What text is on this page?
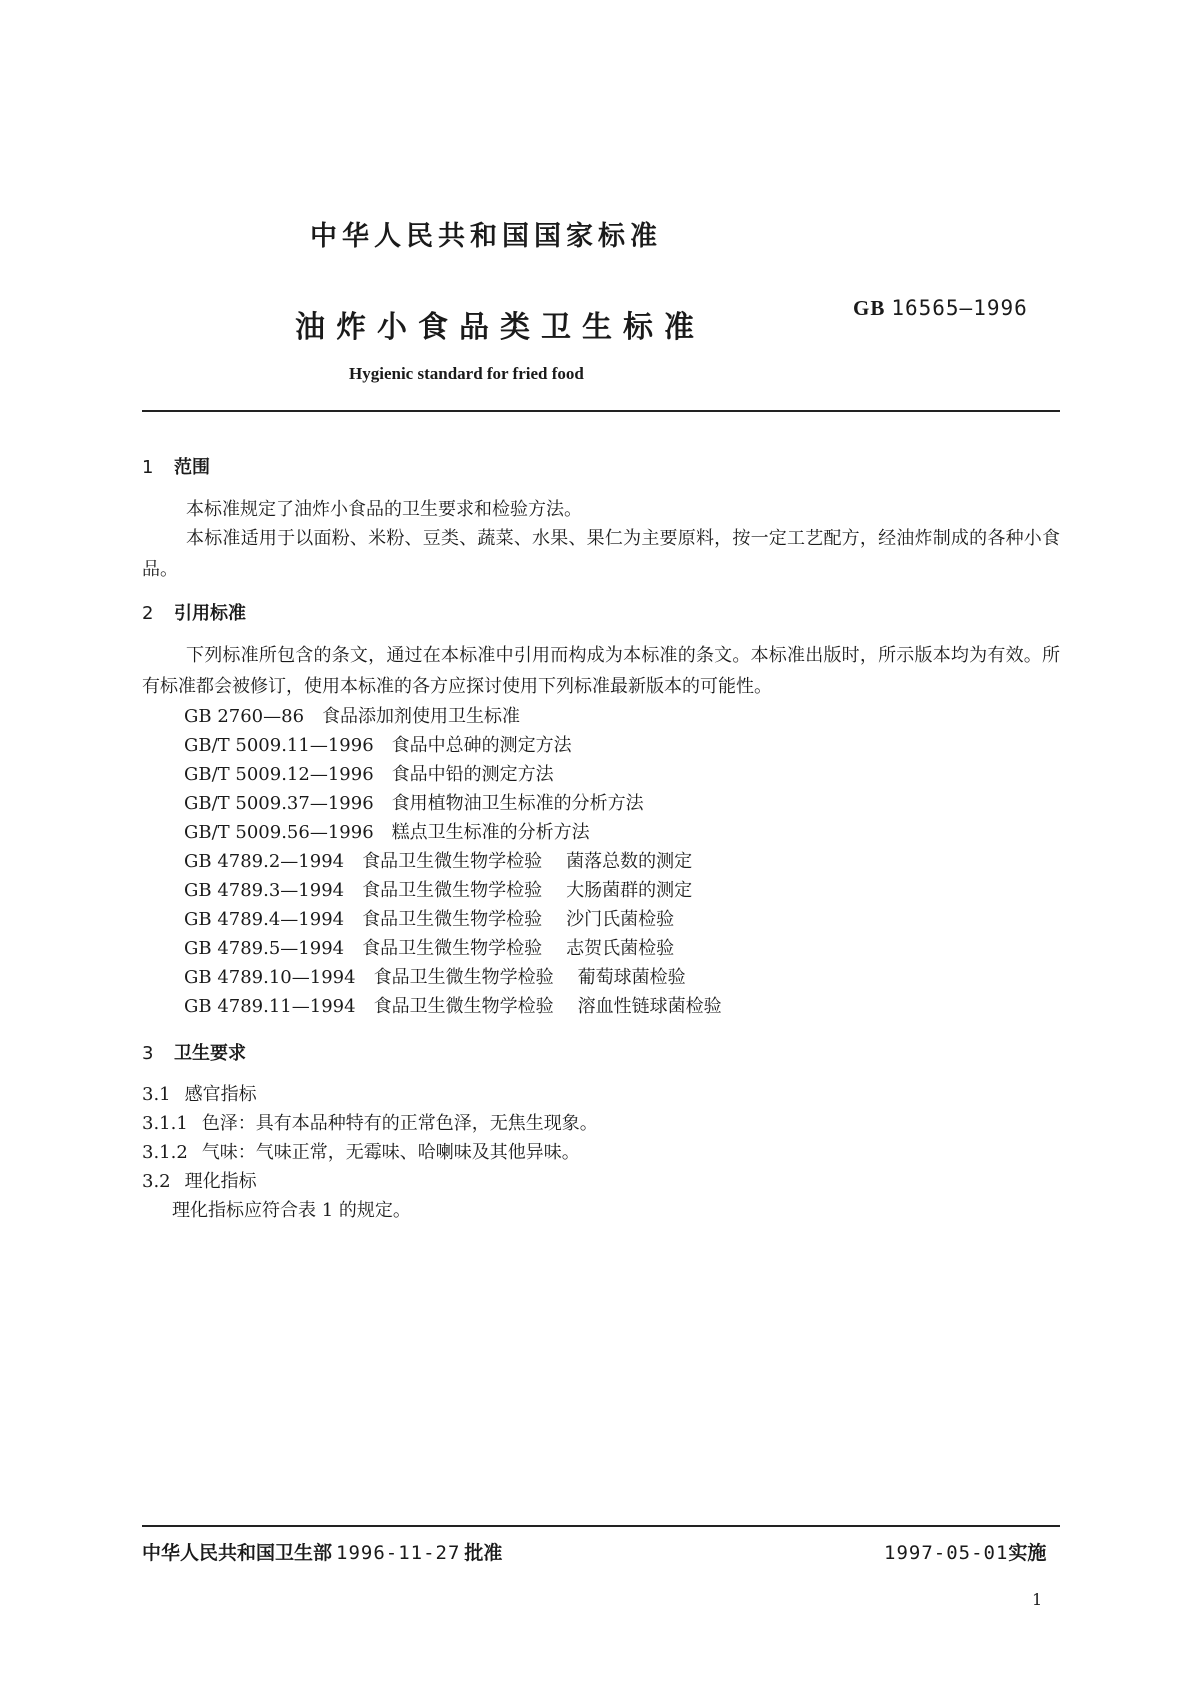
中华人民共和国国家标准
油炸小食品类卫生标准
GB 16565—1996
Hygienic standard for fried food
1 范围
本标准规定了油炸小食品的卫生要求和检验方法。
本标准适用于以面粉、米粉、豆类、蔬菜、水果、果仁为主要原料，按一定工艺配方，经油炸制成的各种小食品。
2 引用标准
下列标准所包含的条文，通过在本标准中引用而构成为本标准的条文。本标准出版时，所示版本均为有效。所有标准都会被修订，使用本标准的各方应探讨使用下列标准最新版本的可能性。
GB 2760—86 食品添加剂使用卫生标准
GB/T 5009.11—1996 食品中总砷的测定方法
GB/T 5009.12—1996 食品中铅的测定方法
GB/T 5009.37—1996 食用植物油卫生标准的分析方法
GB/T 5009.56—1996 糕点卫生标准的分析方法
GB 4789.2—1994 食品卫生微生物学检验 菌落总数的测定
GB 4789.3—1994 食品卫生微生物学检验 大肠菌群的测定
GB 4789.4—1994 食品卫生微生物学检验 沙门氏菌检验
GB 4789.5—1994 食品卫生微生物学检验 志贺氏菌检验
GB 4789.10—1994 食品卫生微生物学检验 葡萄球菌检验
GB 4789.11—1994 食品卫生微生物学检验 溶血性链球菌检验
3 卫生要求
3.1 感官指标
3.1.1 色泽：具有本品种特有的正常色泽，无焦生现象。
3.1.2 气味：气味正常，无霉味、哈喇味及其他异味。
3.2 理化指标
理化指标应符合表 1 的规定。
中华人民共和国卫生部 1996-11-27 批准	1997-05-01实施
1
